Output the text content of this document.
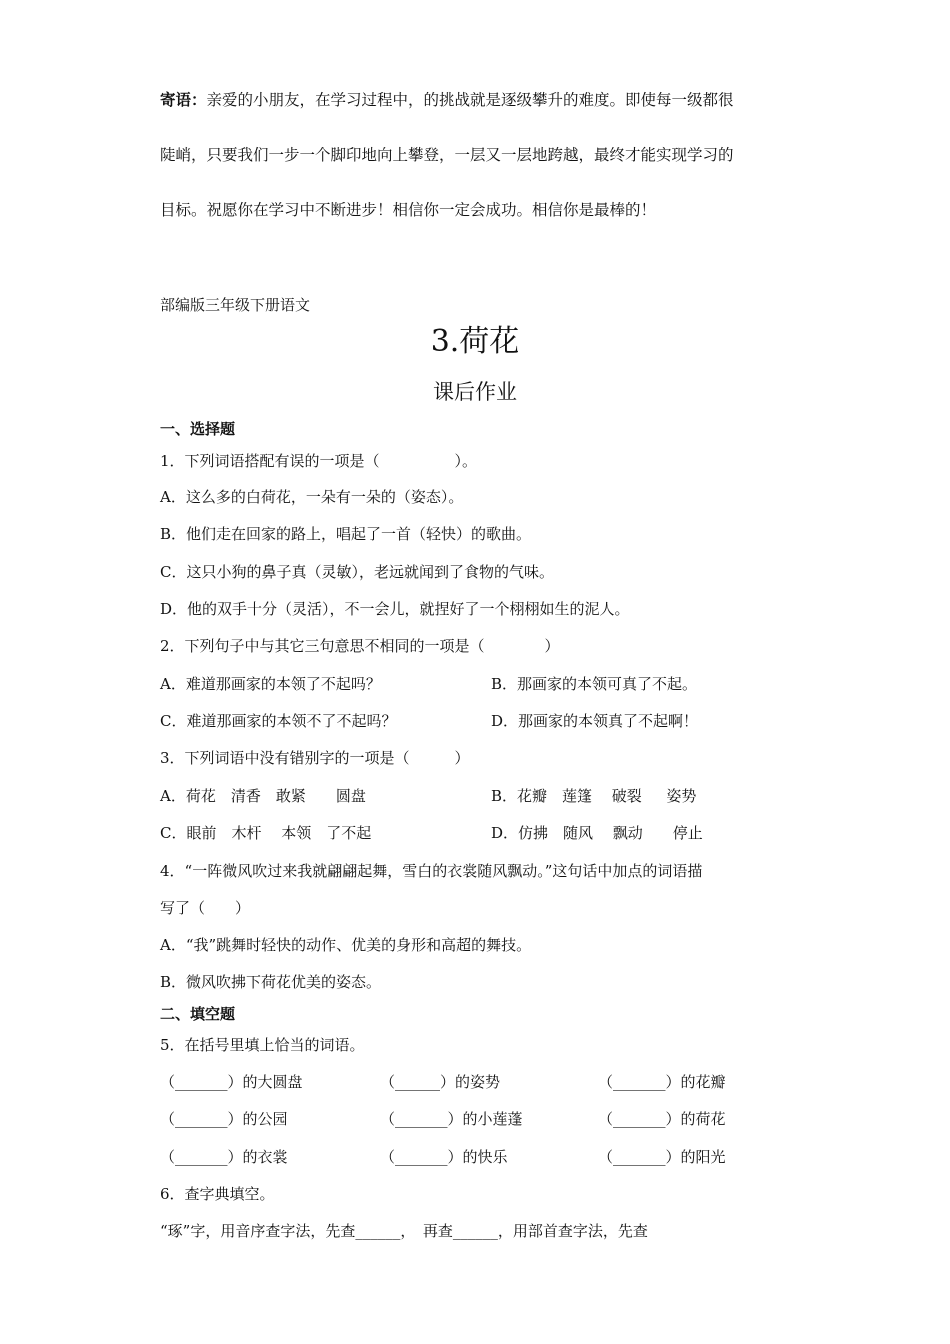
寄语：亲爱的小朋友，在学习过程中，的挑战就是逐级攀升的难度。即使每一级都很
陡峭，只要我们一步一个脚印地向上攀登，一层又一层地跨越，最终才能实现学习的
目标。祝愿你在学习中不断进步！相信你一定会成功。相信你是最棒的！
部编版三年级下册语文
3.荷花
课后作业
一、选择题
1．下列词语搭配有误的一项是（　　　　　）。
A．这么多的白荷花，一朵有一朵的（姿态）。
B．他们走在回家的路上，唱起了一首（轻快）的歌曲。
C．这只小狗的鼻子真（灵敏），老远就闻到了食物的气味。
D．他的双手十分（灵活），不一会儿，就捏好了一个栩栩如生的泥人。
2．下列句子中与其它三句意思不相同的一项是（　　　　）
A．难道那画家的本领了不起吗？	B．那画家的本领可真了不起。
C．难道那画家的本领不了不起吗？	D．那画家的本领真了不起啊！
3．下列词语中没有错别字的一项是（　　　）
A．荷花　清香　敢紧　　圆盘	B．花瓣　莲篷　 破裂 　 姿势
C．眼前　木杆　 本领　了不起	D．仿拂　随风　 飘动　　停止
4．“一阵微风吹过来我就翩翩起舞，雪白的衣裳随风飘动。”这句话中加点的词语描
写了（　　）
A．“我”跳舞时轻快的动作、优美的身形和高超的舞技。
B．微风吹拂下荷花优美的姿态。
二、填空题
5．在括号里填上恰当的词语。
（_______）的大圆盘	（______）的姿势	（_______）的花瓣
（_______）的公园	（_______）的小莲蓬	（_______）的荷花
（_______）的衣裳	（_______）的快乐	（_______）的阳光
6．查字典填空。
“琢”字，用音序查字法，先查______，　再查______，用部首查字法，先查
